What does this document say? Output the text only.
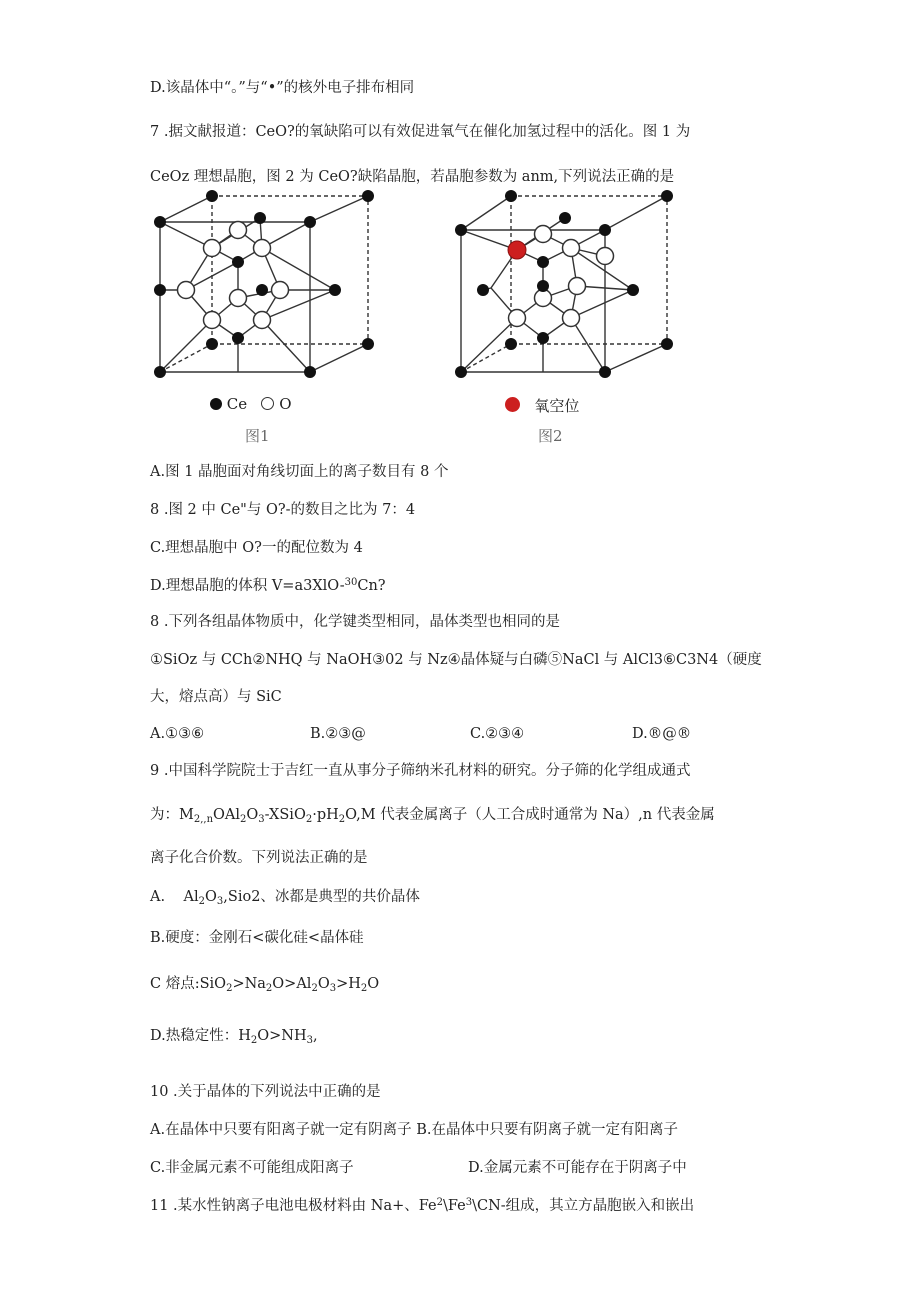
D.该晶体中“。”与“•”的核外电子排布相同
7 .据文献报道：CeO?的氧缺陷可以有效促进氧气在催化加氢过程中的活化。图 1 为
CeOz 理想晶胞，图 2 为 CeO?缺陷晶胞，若晶胞参数为 anm,下列说法正确的是
Ce O
图1
氧空位
图2
A.图 1 晶胞面对角线切面上的离子数目有 8 个
8 .图 2 中 Ce"与 O?-的数目之比为 7：4
C.理想晶胞中 O?一的配位数为 4
D.理想晶胞的体积 V=a3XlO-$^{30}$Cn?
8 .下列各组晶体物质中，化学键类型相同，晶体类型也相同的是
①SiOz 与 CCh②NHQ 与 NaOH③02 与 Nz④晶体疑与白磷⑤NaCl 与 AlCl3⑥C3N4（硬度
大，熔点高）与 SiC
A.①③⑥	B.②③@	C.②③④	D.®@®
9 .中国科学院院士于吉红一直从事分子筛纳米孔材料的研究。分子筛的化学组成通式
为：$M_{2,,n}OAl_2O_3-XSiO_2\cdot pH_2O,M$ 代表金属离子（人工合成时通常为 Na）,n 代表金属
离子化合价数。下列说法正确的是
A.    $Al_2O_3,Sio2$、冰都是典型的共价晶体
B.硬度：金刚石<碳化硅<晶体硅
C 熔点$:SiO_2>Na_2O>Al_2O_3>H_2O$
D.热稳定性：$H_2O>NH_3$,
10 .关于晶体的下列说法中正确的是
A.在晶体中只要有阳离子就一定有阴离子 B.在晶体中只要有阴离子就一定有阳离子
C.非金属元素不可能组成阳离子	D.金属元素不可能存在于阴离子中
11 .某水性钠离子电池电极材料由 Na+、$Fe^2\backslash Fe^3\backslash CN-$组成，其立方晶胞嵌入和嵌出
